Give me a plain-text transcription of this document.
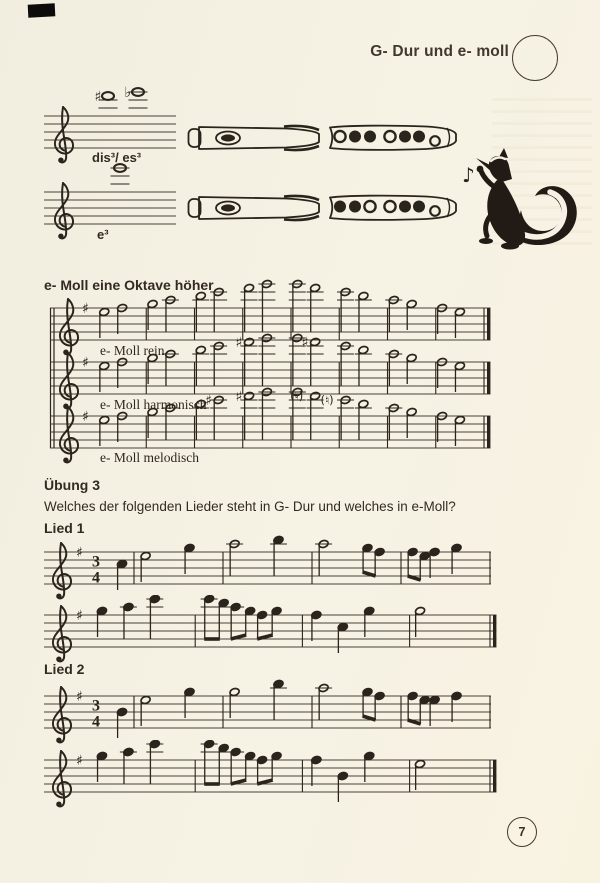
G- Dur und e- moll
♯ ♭
dis³/ es³
e³
♪
e- Moll eine Oktave höher
♯
♯
♯	♯
♯
♯ ♯	(♮) (♮)
e- Moll rein
e- Moll harmonisch
e- Moll melodisch
Übung 3
Welches der folgenden Lieder steht in G- Dur und welches in e-Moll?
Lied 1
♯
3
4
♯
Lied 2
♯
3
4
♯
7
